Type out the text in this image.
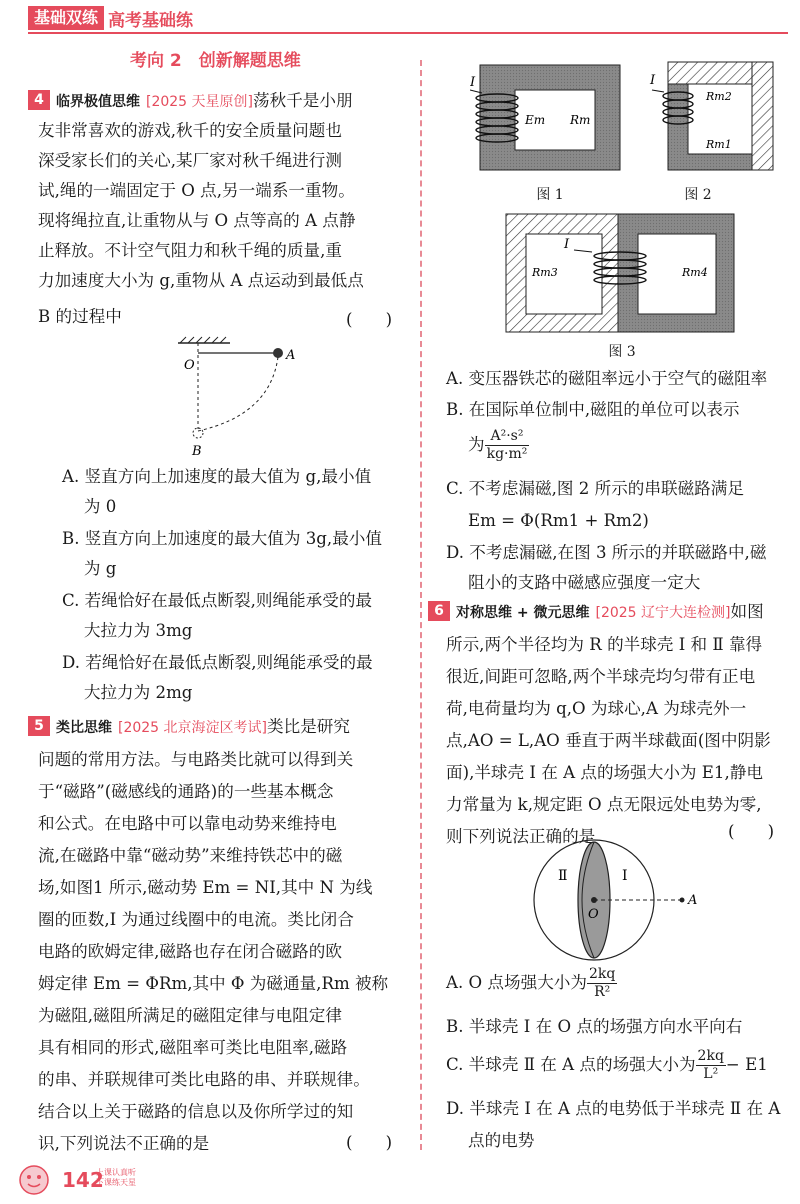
基础双练 高考基础练
考向 2　创新解题思维
4 临界极值思维 [2025 天星原创]荡秋千是小朋
友非常喜欢的游戏,秋千的安全质量问题也
深受家长们的关心,某厂家对秋千绳进行测
试,绳的一端固定于 O 点,另一端系一重物。
现将绳拉直,让重物从与 O 点等高的 A 点静
止释放。不计空气阻力和秋千绳的质量,重
力加速度大小为 g,重物从 A 点运动到最低点
B 的过程中	(　　)
O
A
B
A. 竖直方向上加速度的最大值为 g,最小值
　 为 0
B. 竖直方向上加速度的最大值为 3g,最小值
　 为 g
C. 若绳恰好在最低点断裂,则绳能承受的最
　 大拉力为 3mg
D. 若绳恰好在最低点断裂,则绳能承受的最
　 大拉力为 2mg
5 类比思维 [2025 北京海淀区考试]类比是研究
问题的常用方法。与电路类比就可以得到关
于“磁路”(磁感线的通路)的一些基本概念
和公式。在电路中可以靠电动势来维持电
流,在磁路中靠“磁动势”来维持铁芯中的磁
场,如图1 所示,磁动势 Em = NI,其中 N 为线
圈的匝数,I 为通过线圈中的电流。类比闭合
电路的欧姆定律,磁路也存在闭合磁路的欧
姆定律 Em = ΦRm,其中 Φ 为磁通量,Rm 被称
为磁阻,磁阻所满足的磁阻定律与电阻定律
具有相同的形式,磁阻率可类比电阻率,磁路
的串、并联规律可类比电路的串、并联规律。
结合以上关于磁路的信息以及你所学过的知
识,下列说法不正确的是	(　　)
I
Em Rm
图 1
I
Rm2
Rm1
图 2
I
Rm3	Rm4
图 3
A. 变压器铁芯的磁阻率远小于空气的磁阻率
B. 在国际单位制中,磁阻的单位可以表示
为 $\frac{\text{A²·s²}}{\text{kg·m²}}$
C. 不考虑漏磁,图 2 所示的串联磁路满足
Em = Φ(Rm1 + Rm2)
D. 不考虑漏磁,在图 3 所示的并联磁路中,磁
阻小的支路中磁感应强度一定大
6 对称思维 + 微元思维 [2025 辽宁大连检测]如图
所示,两个半径均为 R 的半球壳 Ⅰ 和 Ⅱ 靠得
很近,间距可忽略,两个半球壳均匀带有正电
荷,电荷量均为 q,O 为球心,A 为球壳外一
点,AO = L,AO 垂直于两半球截面(图中阴影
面),半球壳 Ⅰ 在 A 点的场强大小为 E1,静电
力常量为 k,规定距 O 点无限远处电势为零,
则下列说法正确的是	(　　)
Ⅱ	Ⅰ
O
A
A. O 点场强大小为 $\frac{2kq}{\text{R²}}$
B. 半球壳 Ⅰ 在 O 点的场强方向水平向右
C. 半球壳 Ⅱ 在 A 点的场强大小为 $\frac{2kq}{\text{L²}} - E1$
D. 半球壳 Ⅰ 在 A 点的电势低于半球壳 Ⅱ 在 A
点的电势
142
上课认真听
下课练天星
